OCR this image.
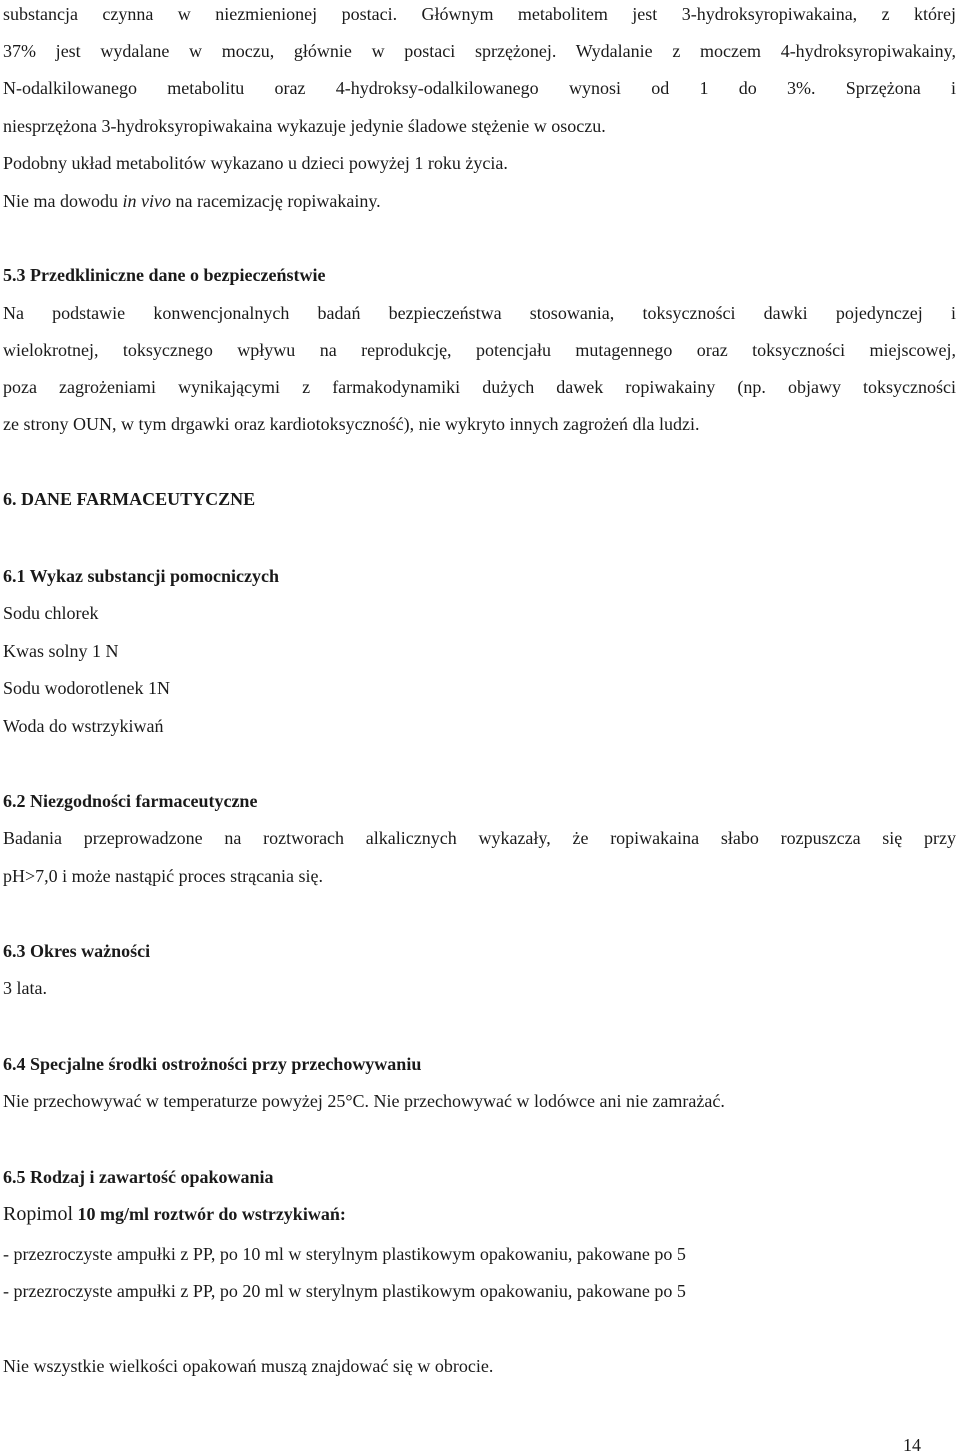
substancja czynna w niezmienionej postaci. Głównym metabolitem jest 3-hydroksyropiwakaina, z której
37% jest wydalane w moczu, głównie w postaci sprzężonej. Wydalanie z moczem 4-hydroksyropiwakainy,
N-odalkilowanego metabolitu oraz 4-hydroksy-odalkilowanego wynosi od 1 do 3%. Sprzężona i
niesprzężona 3-hydroksyropiwakaina wykazuje jedynie śladowe stężenie w osoczu.
Podobny układ metabolitów wykazano u dzieci powyżej 1 roku życia.
Nie ma dowodu in vivo na racemizację ropiwakainy.
5.3 Przedkliniczne dane o bezpieczeństwie
Na podstawie konwencjonalnych badań bezpieczeństwa stosowania, toksyczności dawki pojedynczej i
wielokrotnej, toksycznego wpływu na reprodukcję, potencjału mutagennego oraz toksyczności miejscowej,
poza zagrożeniami wynikającymi z farmakodynamiki dużych dawek ropiwakainy (np. objawy toksyczności
ze strony OUN, w tym drgawki oraz kardiotoksyczność), nie wykryto innych zagrożeń dla ludzi.
6. DANE FARMACEUTYCZNE
6.1 Wykaz substancji pomocniczych
Sodu chlorek
Kwas solny 1 N
Sodu wodorotlenek 1N
Woda do wstrzykiwań
6.2 Niezgodności farmaceutyczne
Badania przeprowadzone na roztworach alkalicznych wykazały, że ropiwakaina słabo rozpuszcza się przy
pH>7,0 i może nastąpić proces strącania się.
6.3 Okres ważności
3 lata.
6.4 Specjalne środki ostrożności przy przechowywaniu
Nie przechowywać w temperaturze powyżej 25°C. Nie przechowywać w lodówce ani nie zamrażać.
6.5 Rodzaj i zawartość opakowania
Ropimol 10 mg/ml roztwór do wstrzykiwań:
- przezroczyste ampułki z PP, po 10 ml w sterylnym plastikowym opakowaniu, pakowane po 5
- przezroczyste ampułki z PP, po 20 ml w sterylnym plastikowym opakowaniu, pakowane po 5
Nie wszystkie wielkości opakowań muszą znajdować się w obrocie.
14
